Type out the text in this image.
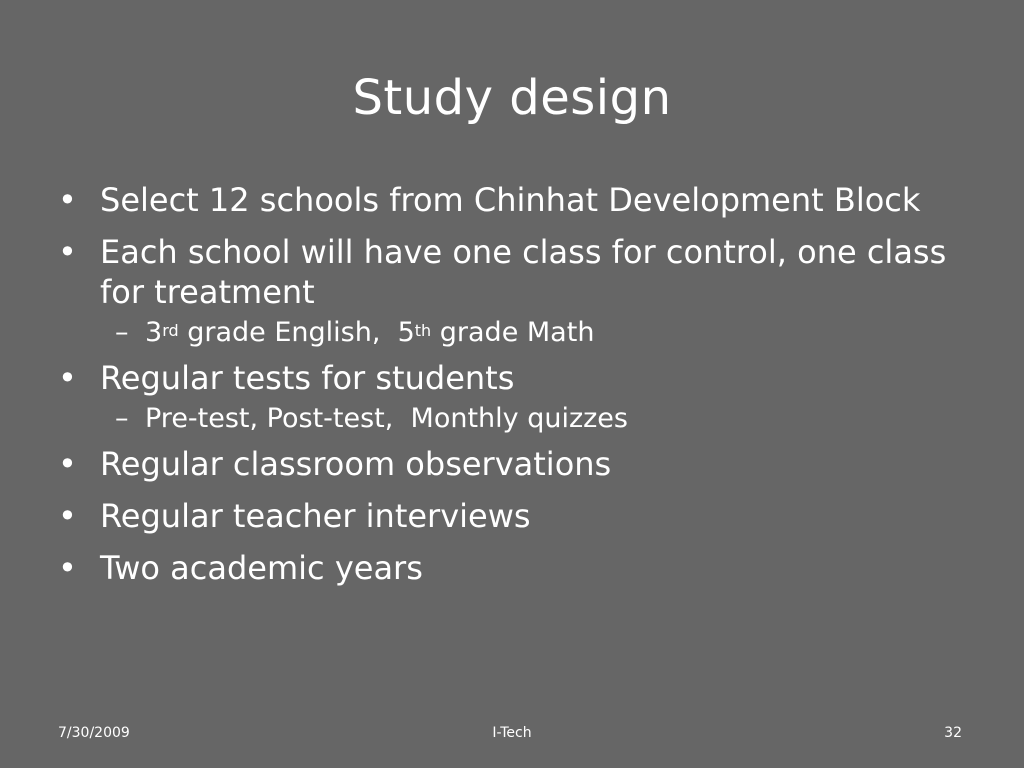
Study design
• Select 12 schools from Chinhat Development Block
• Each school will have one class for control, one class for treatment
– 3rd grade English,  5th grade Math
• Regular tests for students
– Pre-test, Post-test,  Monthly quizzes
• Regular classroom observations
• Regular teacher interviews
• Two academic years
7/30/2009	I-Tech	32
